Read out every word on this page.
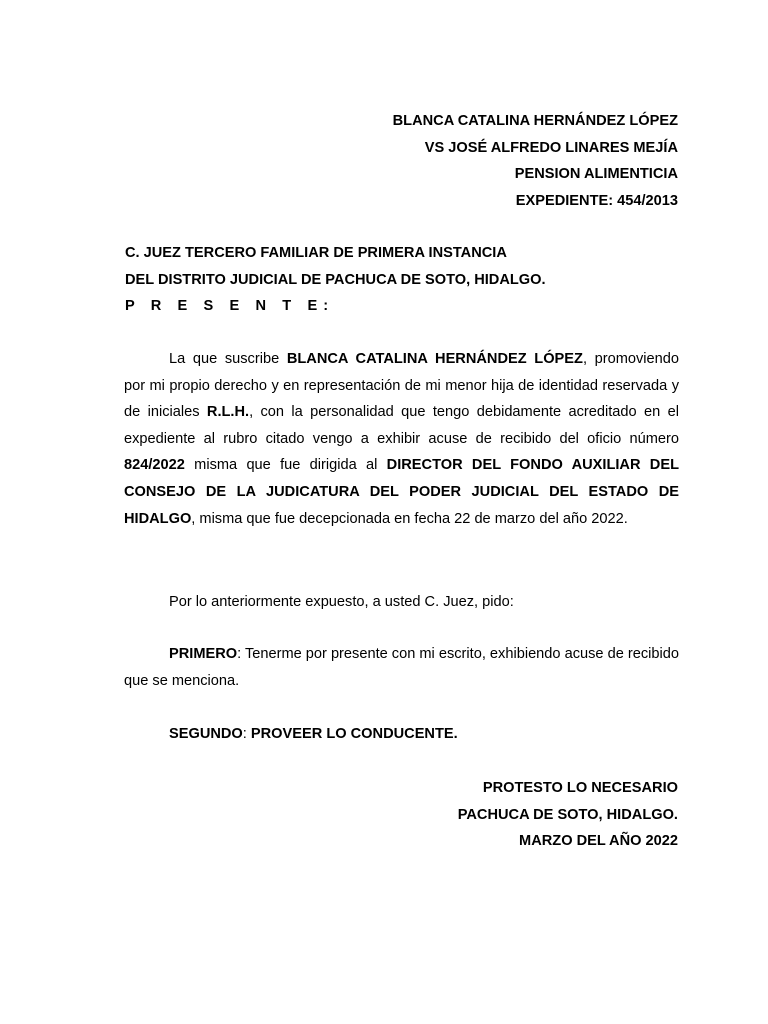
BLANCA CATALINA HERNÁNDEZ LÓPEZ
VS JOSÉ ALFREDO LINARES MEJÍA
PENSION ALIMENTICIA
EXPEDIENTE: 454/2013
C. JUEZ TERCERO FAMILIAR DE PRIMERA INSTANCIA
DEL DISTRITO JUDICIAL DE PACHUCA DE SOTO, HIDALGO.
P R E S E N T E:

La que suscribe BLANCA CATALINA HERNÁNDEZ LÓPEZ, promoviendo por mi propio derecho y en representación de mi menor hija de identidad reservada y de iniciales R.L.H., con la personalidad que tengo debidamente acreditado en el expediente al rubro citado vengo a exhibir acuse de recibido del oficio número 824/2022 misma que fue dirigida al DIRECTOR DEL FONDO AUXILIAR DEL CONSEJO DE LA JUDICATURA DEL PODER JUDICIAL DEL ESTADO DE HIDALGO, misma que fue decepcionada en fecha 22 de marzo del año 2022.

Por lo anteriormente expuesto, a usted C. Juez, pido:

PRIMERO: Tenerme por presente con mi escrito, exhibiendo acuse de recibido que se menciona.

SEGUNDO: PROVEER LO CONDUCENTE.

PROTESTO LO NECESARIO
PACHUCA DE SOTO, HIDALGO.
MARZO DEL AÑO 2022
